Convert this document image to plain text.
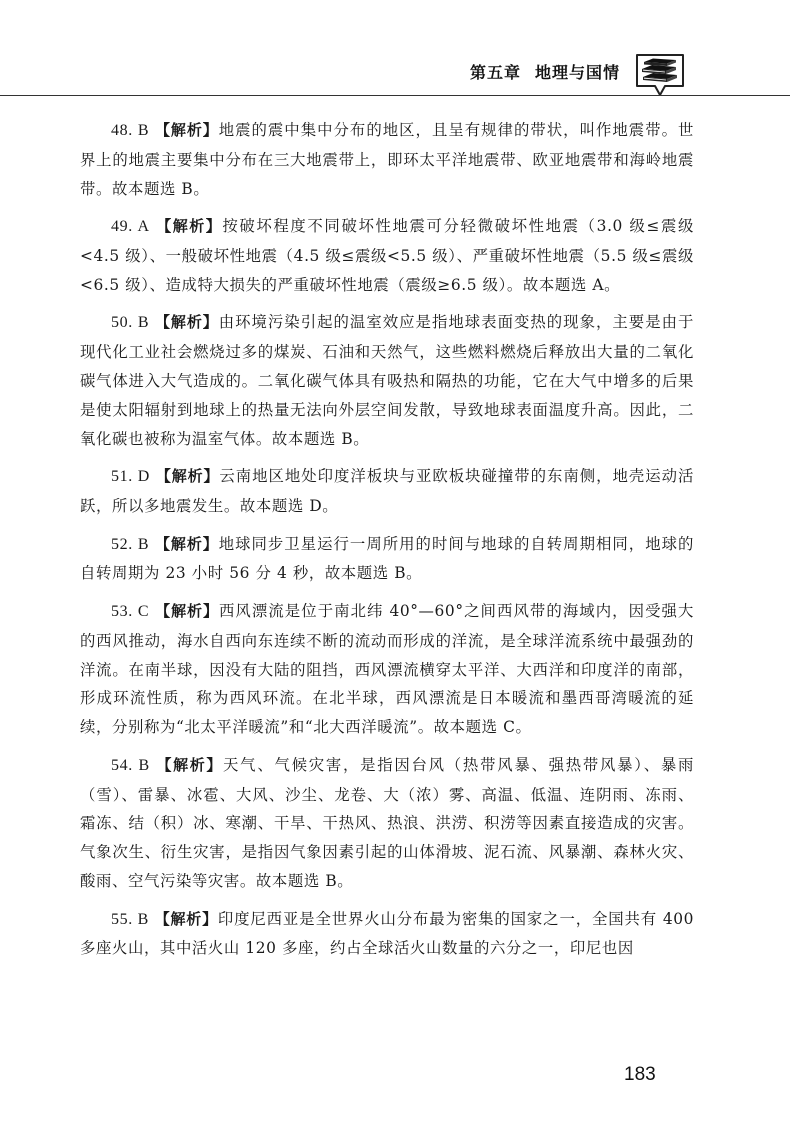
第五章 地理与国情

48. B 【解析】地震的震中集中分布的地区，且呈有规律的带状，叫作地震带。世界上的地震主要集中分布在三大地震带上，即环太平洋地震带、欧亚地震带和海岭地震带。故本题选 B。

49. A 【解析】按破坏程度不同破坏性地震可分轻微破坏性地震（3.0 级≤震级<4.5 级）、一般破坏性地震（4.5 级≤震级<5.5 级）、严重破坏性地震（5.5 级≤震级<6.5 级）、造成特大损失的严重破坏性地震（震级≥6.5 级）。故本题选 A。

50. B 【解析】由环境污染引起的温室效应是指地球表面变热的现象，主要是由于现代化工业社会燃烧过多的煤炭、石油和天然气，这些燃料燃烧后释放出大量的二氧化碳气体进入大气造成的。二氧化碳气体具有吸热和隔热的功能，它在大气中增多的后果是使太阳辐射到地球上的热量无法向外层空间发散，导致地球表面温度升高。因此，二氧化碳也被称为温室气体。故本题选 B。

51. D 【解析】云南地区地处印度洋板块与亚欧板块碰撞带的东南侧，地壳运动活跃，所以多地震发生。故本题选 D。

52. B 【解析】地球同步卫星运行一周所用的时间与地球的自转周期相同，地球的自转周期为 23 小时 56 分 4 秒，故本题选 B。

53. C 【解析】西风漂流是位于南北纬 40°—60°之间西风带的海域内，因受强大的西风推动，海水自西向东连续不断的流动而形成的洋流，是全球洋流系统中最强劲的洋流。在南半球，因没有大陆的阻挡，西风漂流横穿太平洋、大西洋和印度洋的南部，形成环流性质，称为西风环流。在北半球，西风漂流是日本暖流和墨西哥湾暖流的延续，分别称为“北太平洋暖流”和“北大西洋暖流”。故本题选 C。

54. B 【解析】天气、气候灾害，是指因台风（热带风暴、强热带风暴）、暴雨（雪）、雷暴、冰雹、大风、沙尘、龙卷、大（浓）雾、高温、低温、连阴雨、冻雨、霜冻、结（积）冰、寒潮、干旱、干热风、热浪、洪涝、积涝等因素直接造成的灾害。气象次生、衍生灾害，是指因气象因素引起的山体滑坡、泥石流、风暴潮、森林火灾、酸雨、空气污染等灾害。故本题选 B。

55. B 【解析】印度尼西亚是全世界火山分布最为密集的国家之一，全国共有 400 多座火山，其中活火山 120 多座，约占全球活火山数量的六分之一，印尼也因

183
